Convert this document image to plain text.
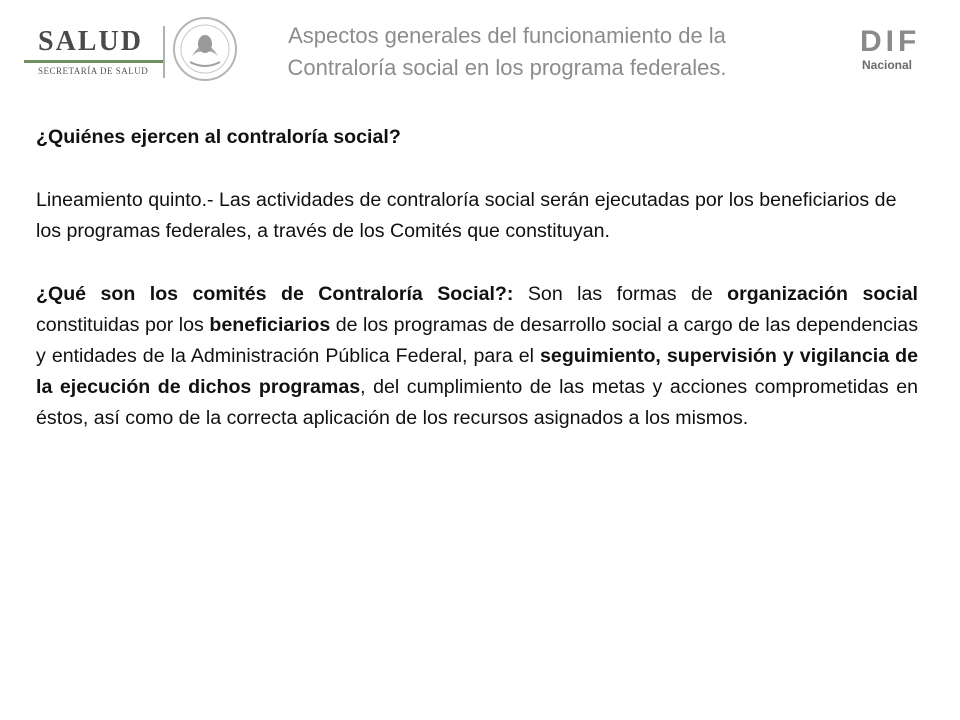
SALUD
SECRETARÍA DE SALUD
Aspectos generales del funcionamiento de la Contraloría social en los programa federales.
DIF
Nacional

¿Quiénes ejercen al contraloría social?

Lineamiento quinto.- Las actividades de contraloría social serán ejecutadas por los beneficiarios de los programas federales, a través de los Comités que constituyan.

¿Qué son los comités de Contraloría Social?: Son las formas de organización social constituidas por los beneficiarios de los programas de desarrollo social a cargo de las dependencias y entidades de la Administración Pública Federal, para el seguimiento, supervisión y vigilancia de la ejecución de dichos programas, del cumplimiento de las metas y acciones comprometidas en éstos, así como de la correcta aplicación de los recursos asignados a los mismos.
